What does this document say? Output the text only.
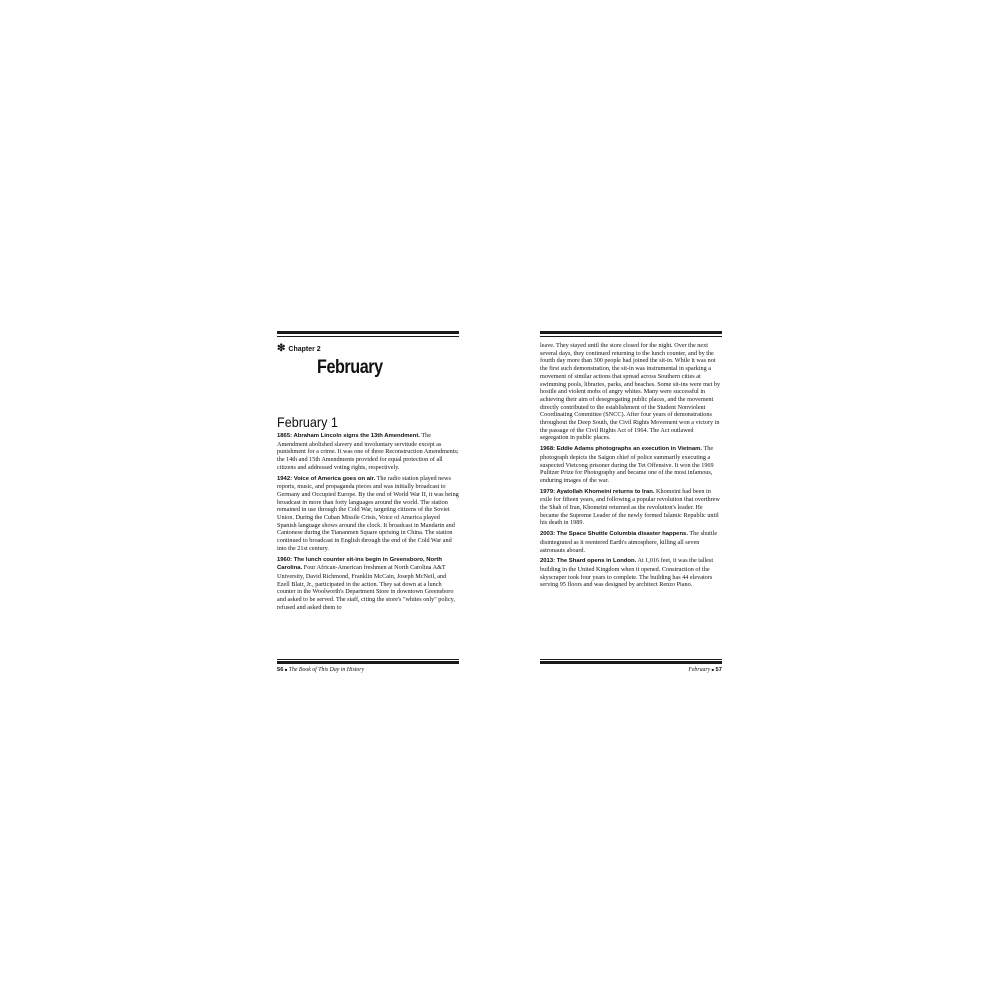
❇ Chapter 2
February
February 1

1865: Abraham Lincoln signs the 13th Amendment. The Amendment abolished slavery and involuntary servitude except as punishment for a crime. It was one of three Reconstruction Amendments; the 14th and 15th Amendments provided for equal protection of all citizens and addressed voting rights, respectively.

1942: Voice of America goes on air. The radio station played news reports, music, and propaganda pieces and was initially broadcast to Germany and Occupied Europe. By the end of World War II, it was being broadcast in more than forty languages around the world. The station remained in use through the Cold War, targeting citizens of the Soviet Union. During the Cuban Missile Crisis, Voice of America played Spanish language shows around the clock. It broadcast in Mandarin and Cantonese during the Tiananmen Square uprising in China. The station continued to broadcast in English through the end of the Cold War and into the 21st century.

1960: The lunch counter sit-ins begin in Greensboro, North Carolina. Four African-American freshmen at North Carolina A&T University, David Richmond, Franklin McCain, Joseph McNeil, and Ezell Blair, Jr., participated in the action. They sat down at a lunch counter in the Woolworth's Department Store in downtown Greensboro and asked to be served. The staff, citing the store's "whites only" policy, refused and asked them to

56 ■ The Book of This Day in History

leave. They stayed until the store closed for the night. Over the next several days, they continued returning to the lunch counter, and by the fourth day more than 300 people had joined the sit-in. While it was not the first such demonstration, the sit-in was instrumental in sparking a movement of similar actions that spread across Southern cities at swimming pools, libraries, parks, and beaches. Some sit-ins were met by hostile and violent mobs of angry whites. Many were successful in achieving their aim of desegregating public places, and the movement directly contributed to the establishment of the Student Nonviolent Coordinating Committee (SNCC). After four years of demonstrations throughout the Deep South, the Civil Rights Movement won a victory in the passage of the Civil Rights Act of 1964. The Act outlawed segregation in public places.

1968: Eddie Adams photographs an execution in Vietnam. The photograph depicts the Saigon chief of police summarily executing a suspected Vietcong prisoner during the Tet Offensive. It won the 1969 Pulitzer Prize for Photography and became one of the most infamous, enduring images of the war.

1979: Ayatollah Khomeini returns to Iran. Khomeini had been in exile for fifteen years, and following a popular revolution that overthrew the Shah of Iran, Khomeini returned as the revolution's leader. He became the Supreme Leader of the newly formed Islamic Republic until his death in 1989.

2003: The Space Shuttle Columbia disaster happens. The shuttle disintegrated as it reentered Earth's atmosphere, killing all seven astronauts aboard.

2013: The Shard opens in London. At 1,016 feet, it was the tallest building in the United Kingdom when it opened. Construction of the skyscraper took four years to complete. The building has 44 elevators serving 95 floors and was designed by architect Renzo Piano.

February ■ 57
